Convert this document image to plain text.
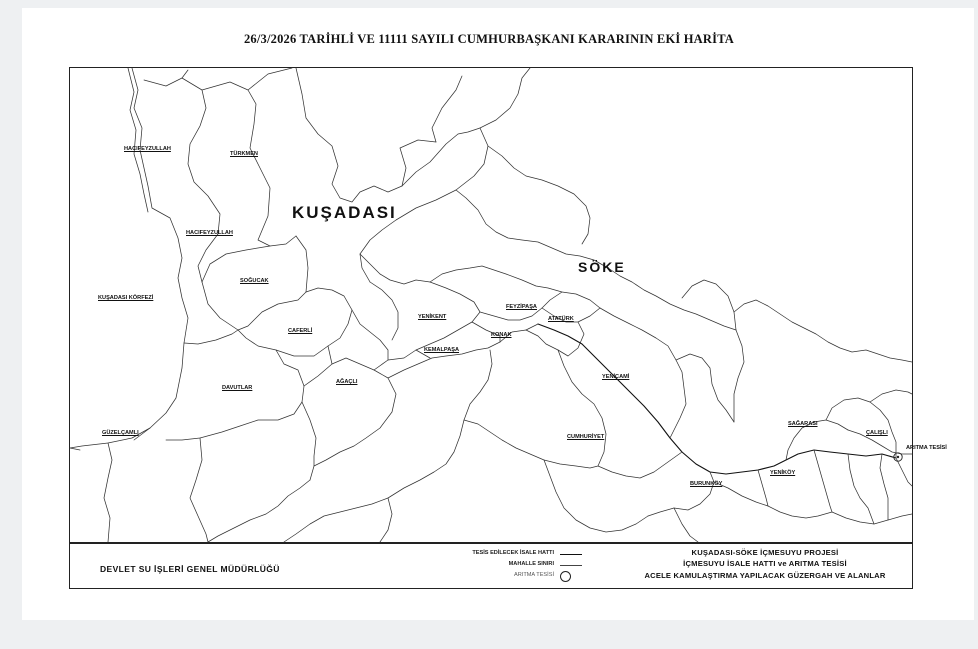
26/3/2026 TARİHLİ VE 11111 SAYILI CUMHURBAŞKANI KARARININ EKİ HARİTA
KUŞADASI
SÖKE
HACIFEYZULLAH
TÜRKMEN
HACIFEYZULLAH
KUŞADASI KÖRFEZİ
SOĞUCAK
CAFERLİ
DAVUTLAR
GÜZELÇAMLI
YENİKENT
KEMALPAŞA
AĞAÇLI
FEYZİPAŞA
KONAK
ATATÜRK
YENİCAMİ
CUMHURİYET
BURUNKÖY
YENİKÖY
SAĞARASI
ÇALIŞLI
ARITMA TESİSİ
DEVLET SU İŞLERİ GENEL MÜDÜRLÜĞÜ
TESİS EDİLECEK İSALE HATTI
MAHALLE SINIRI
ARITMA TESİSİ
KUŞADASI-SÖKE İÇMESUYU PROJESİ
İÇMESUYU İSALE HATTI ve ARITMA TESİSİ
ACELE KAMULAŞTIRMA YAPILACAK GÜZERGAH VE ALANLAR
